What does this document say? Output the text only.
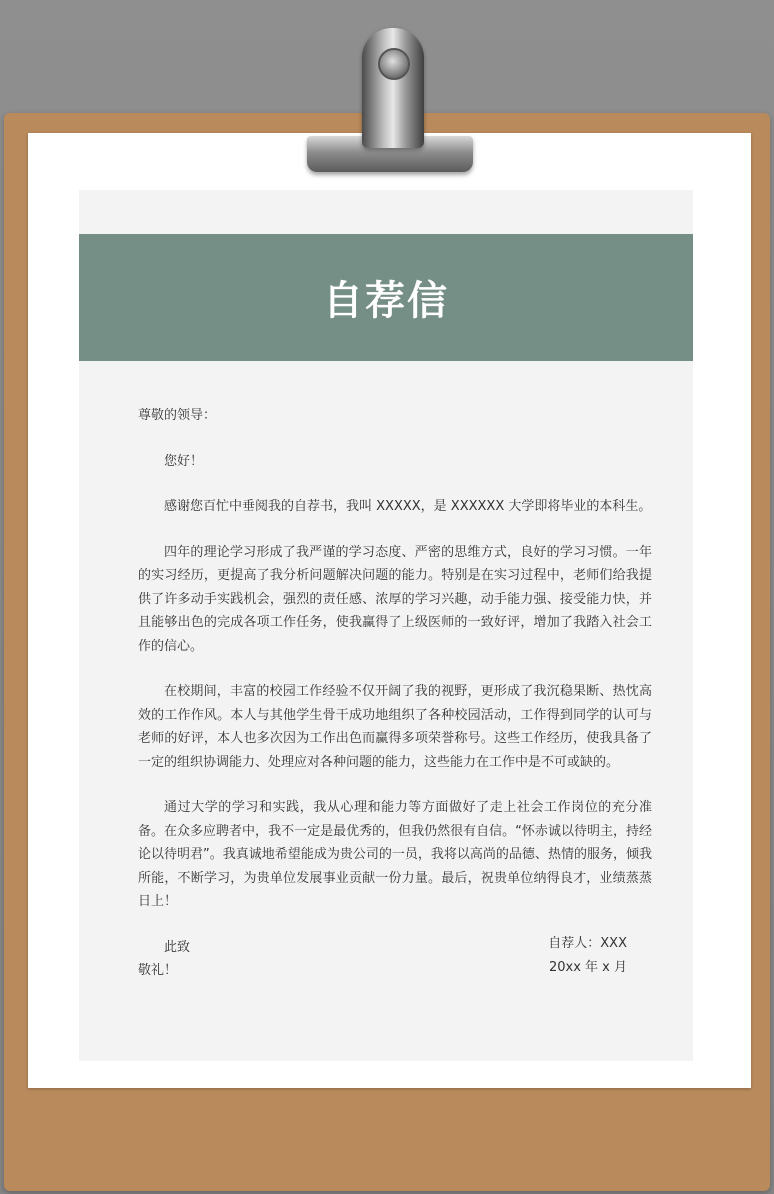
自荐信

尊敬的领导：

您好！

感谢您百忙中垂阅我的自荐书，我叫 XXXXX，是 XXXXXX 大学即将毕业的本科生。

四年的理论学习形成了我严谨的学习态度、严密的思维方式，良好的学习习惯。一年的实习经历，更提高了我分析问题解决问题的能力。特别是在实习过程中，老师们给我提供了许多动手实践机会，强烈的责任感、浓厚的学习兴趣，动手能力强、接受能力快，并且能够出色的完成各项工作任务，使我赢得了上级医师的一致好评，增加了我踏入社会工作的信心。

在校期间，丰富的校园工作经验不仅开阔了我的视野，更形成了我沉稳果断、热忱高效的工作作风。本人与其他学生骨干成功地组织了各种校园活动，工作得到同学的认可与老师的好评，本人也多次因为工作出色而赢得多项荣誉称号。这些工作经历，使我具备了一定的组织协调能力、处理应对各种问题的能力，这些能力在工作中是不可或缺的。

通过大学的学习和实践，我从心理和能力等方面做好了走上社会工作岗位的充分准备。在众多应聘者中，我不一定是最优秀的，但我仍然很有自信。“怀赤诚以待明主，持经论以待明君”。我真诚地希望能成为贵公司的一员，我将以高尚的品德、热情的服务，倾我所能，不断学习，为贵单位发展事业贡献一份力量。最后，祝贵单位纳得良才，业绩蒸蒸日上！

此致

敬礼！

自荐人：XXX
20xx 年 x 月
